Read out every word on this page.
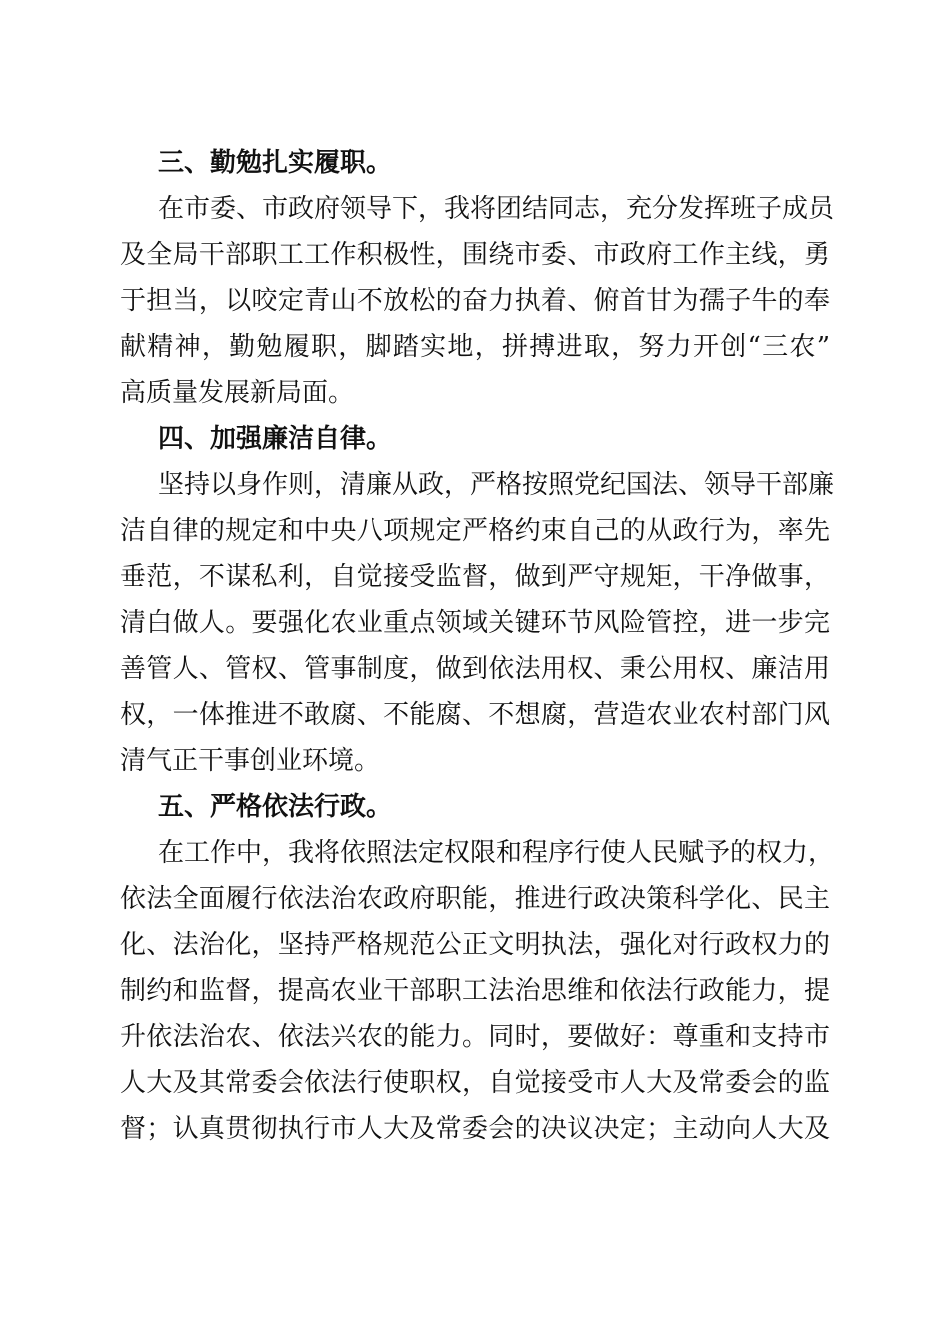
三、勤勉扎实履职。
在市委、市政府领导下，我将团结同志，充分发挥班子成员
及全局干部职工工作积极性，围绕市委、市政府工作主线，勇
于担当，以咬定青山不放松的奋力执着、俯首甘为孺子牛的奉
献精神，勤勉履职，脚踏实地，拼搏进取，努力开创“三农”
高质量发展新局面。
四、加强廉洁自律。
坚持以身作则，清廉从政，严格按照党纪国法、领导干部廉
洁自律的规定和中央八项规定严格约束自己的从政行为，率先
垂范，不谋私利，自觉接受监督，做到严守规矩，干净做事，
清白做人。要强化农业重点领域关键环节风险管控，进一步完
善管人、管权、管事制度，做到依法用权、秉公用权、廉洁用
权，一体推进不敢腐、不能腐、不想腐，营造农业农村部门风
清气正干事创业环境。
五、严格依法行政。
在工作中，我将依照法定权限和程序行使人民赋予的权力，
依法全面履行依法治农政府职能，推进行政决策科学化、民主
化、法治化，坚持严格规范公正文明执法，强化对行政权力的
制约和监督，提高农业干部职工法治思维和依法行政能力，提
升依法治农、依法兴农的能力。同时，要做好：尊重和支持市
人大及其常委会依法行使职权，自觉接受市人大及常委会的监
督；认真贯彻执行市人大及常委会的决议决定；主动向人大及
